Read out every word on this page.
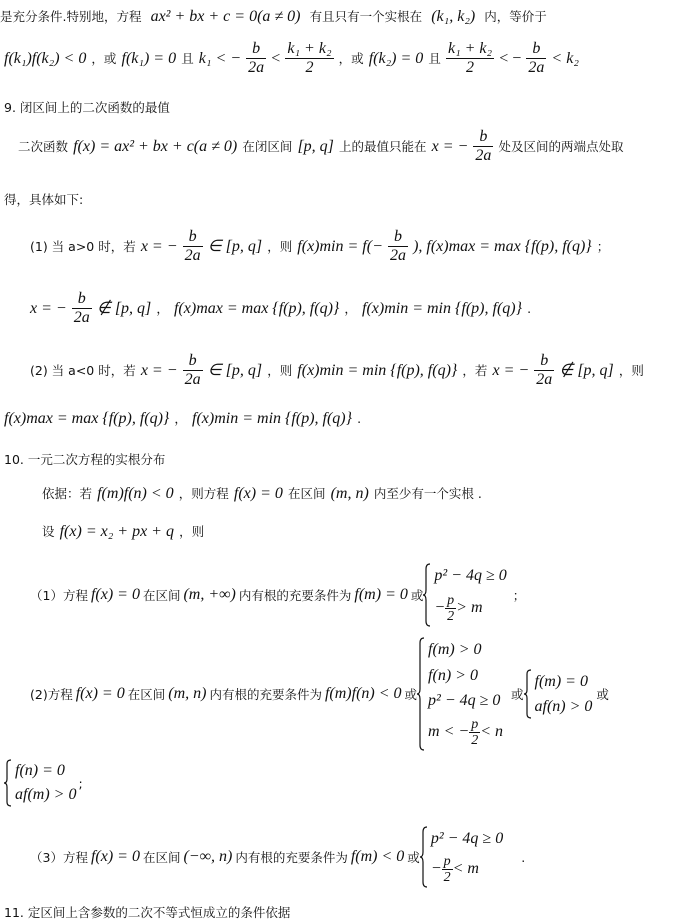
是充分条件.特别地，方程 ax² + bx + c = 0(a ≠ 0) 有且只有一个实根在 (k₁, k₂) 内，等价于
f(k₁)f(k₂) < 0 ，或 f(k₁) = 0 且 k₁ < − $\frac{b}{2a} < \frac{\text{k₁ + k₂}}{2}$ ，或 f(k₂) = 0 且 $\frac{\text{k₁ + k₂}}{2}$ < − $\frac{b}{2a} < k_2$
9. 闭区间上的二次函数的最值
二次函数 f(x) = ax² + bx + c(a ≠ 0) 在闭区间 [p, q] 上的最值只能在 x = − $\frac{b}{2a}$ 处及区间的两端点处取
得，具体如下:
(1) 当 a>0 时，若 x = − $\frac{b}{2a}$ ∈ [p, q] ，则 $f(x)\min = f(- \frac{b}{2a}$ ), f(x)max = max {f(p), f(q)} ；
x = − $\frac{b}{2a}$ ∉ [p, q] ， f(x)max = max {f(p), f(q)} ， f(x)min = min {f(p), f(q)} .
(2) 当 a<0 时，若 x = − $\frac{b}{2a}$ ∈ [p, q] ，则 f(x)min = min {f(p), f(q)} ，若 x = − $\frac{b}{2a}$ ∉ [p, q] ，则
f(x)max = max {f(p), f(q)} ， f(x)min = min {f(p), f(q)} .
10. 一元二次方程的实根分布
依据：若 f(m)f(n) < 0 ，则方程 f(x) = 0 在区间 (m, n) 内至少有一个实根 .
设 f(x) = x₂ + px + q ，则
（1）方程 f(x) = 0 在区间 (m, +∞) 内有根的充要条件为 f(m) = 0 或
p² − 4q ≥ 0
− $\frac{p}{2} > m$
；
(2)方程 f(x) = 0 在区间 (m, n) 内有根的充要条件为 f(m)f(n) < 0 或
f(m) > 0
f(n) > 0
p² − 4q ≥ 0
m < − $\frac{p}{2} < n$
或
f(m) = 0
af(n) > 0
或
f(n) = 0
af(m) > 0
;
（3）方程 f(x) = 0 在区间 (−∞, n) 内有根的充要条件为 f(m) < 0 或
p² − 4q ≥ 0
− $\frac{p}{2} < m$
.
11. 定区间上含参数的二次不等式恒成立的条件依据
